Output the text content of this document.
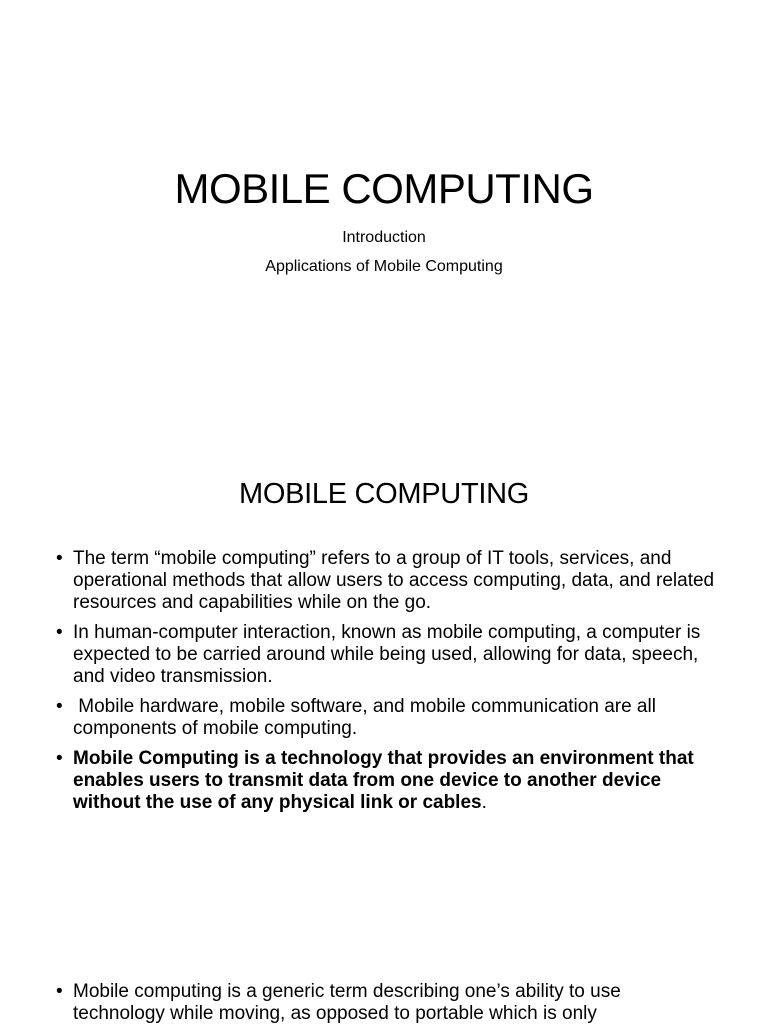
MOBILE COMPUTING
Introduction
Applications of Mobile Computing
MOBILE COMPUTING
• The term “mobile computing” refers to a group of IT tools, services, and operational methods that allow users to access computing, data, and related resources and capabilities while on the go.
• In human-computer interaction, known as mobile computing, a computer is expected to be carried around while being used, allowing for data, speech, and video transmission.
• Mobile hardware, mobile software, and mobile communication are all components of mobile computing.
• Mobile Computing is a technology that provides an environment that enables users to transmit data from one device to another device without the use of any physical link or cables.
• Mobile computing is a generic term describing one’s ability to use technology while moving, as opposed to portable which is only
